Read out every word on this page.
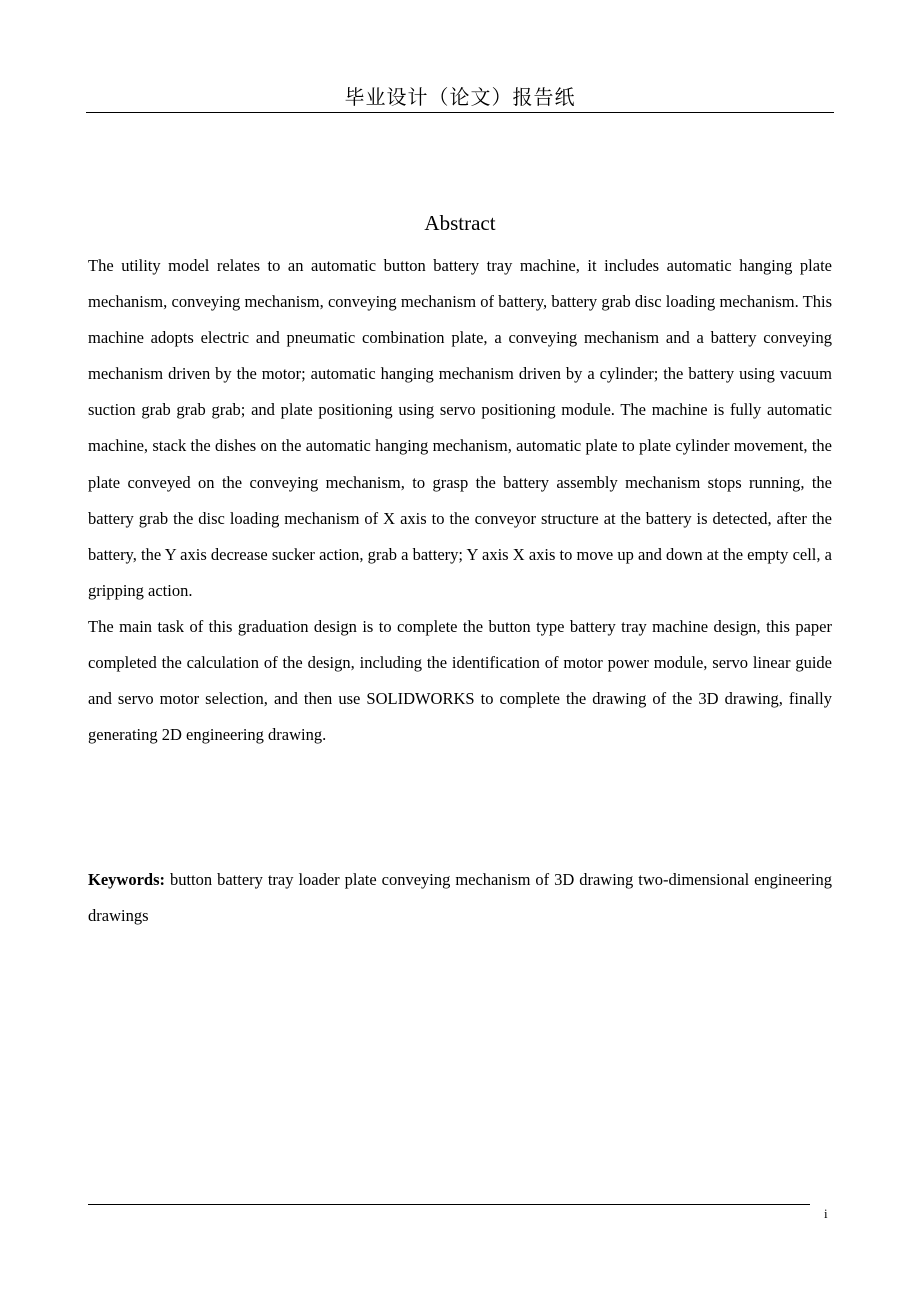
毕业设计（论文）报告纸
Abstract

The utility model relates to an automatic button battery tray machine, it includes automatic hanging plate mechanism, conveying mechanism, conveying mechanism of battery, battery grab disc loading mechanism. This machine adopts electric and pneumatic combination plate, a conveying mechanism and a battery conveying mechanism driven by the motor; automatic hanging mechanism driven by a cylinder; the battery using vacuum suction grab grab grab; and plate positioning using servo positioning module. The machine is fully automatic machine, stack the dishes on the automatic hanging mechanism, automatic plate to plate cylinder movement, the plate conveyed on the conveying mechanism, to grasp the battery assembly mechanism stops running, the battery grab the disc loading mechanism of X axis to the conveyor structure at the battery is detected, after the battery, the Y axis decrease sucker action, grab a battery; Y axis X axis to move up and down at the empty cell, a gripping action.

The main task of this graduation design is to complete the button type battery tray machine design, this paper completed the calculation of the design, including the identification of motor power module, servo linear guide and servo motor selection, and then use SOLIDWORKS to complete the drawing of the 3D drawing, finally generating 2D engineering drawing.

Keywords: button battery tray loader plate conveying mechanism of 3D drawing two-dimensional engineering drawings
i
